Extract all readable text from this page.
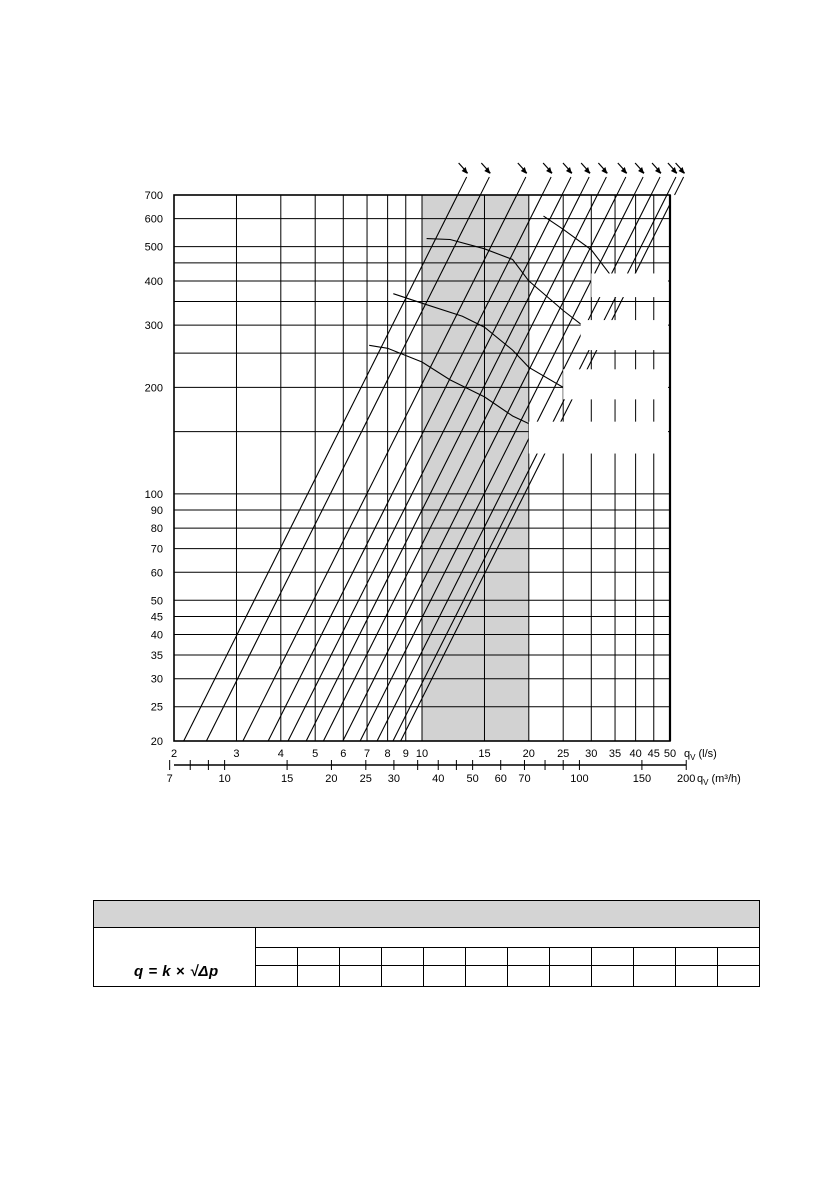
20
25
30
35
40
45
50
60
70
80
90
100
200
300
400
500
600
700
2	3	4	5 6 7 8 9 10	15	20 25 30 35 40 45 50
7	10	15	20 25 30	40 50 60 70	100	150 200
$q_V$ (l/s)
$q_V$ (m³/h)
q = k × √Δp
